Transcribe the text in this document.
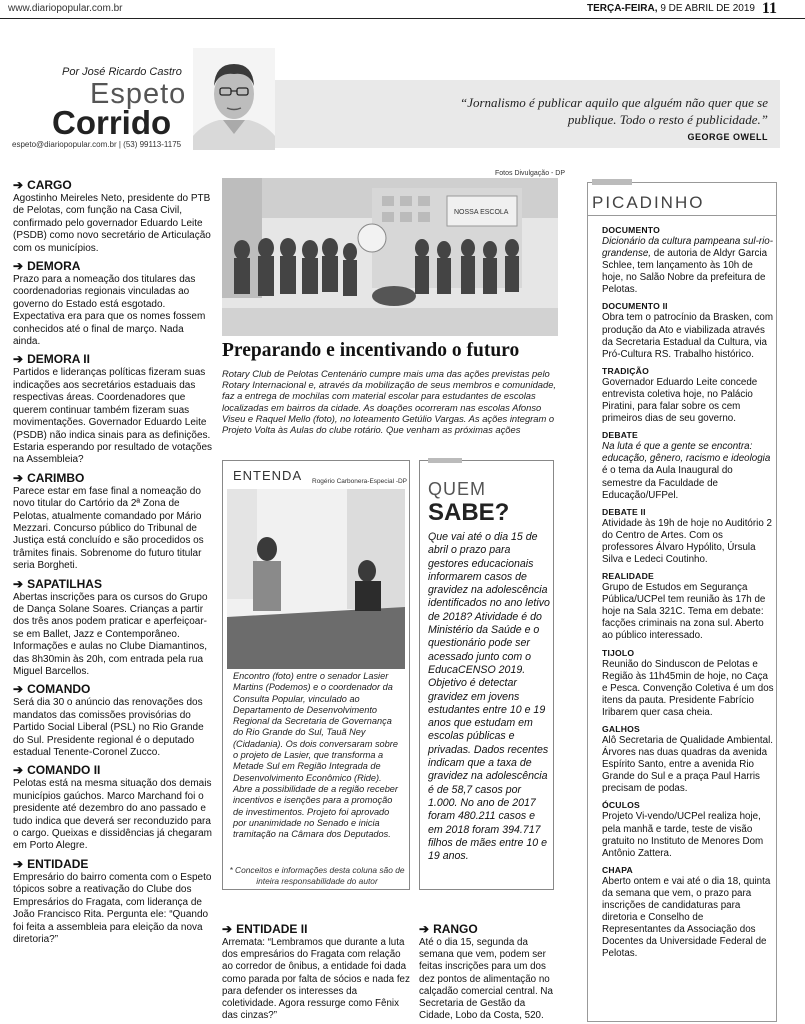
www.diariopopular.com.br	TERÇA-FEIRA, 9 DE ABRIL DE 2019 11
Por José Ricardo Castro
Espeto
Corrido
espeto@diariopopular.com.br | (53) 99113-1175
“Jornalismo é publicar aquilo que alguém não quer que se publique. Todo o resto é publicidade.”
GEORGE OWELL
➔ CARGO

Agostinho Meireles Neto, presidente do PTB de Pelotas, com função na Casa Civil, confirmado pelo governador Eduardo Leite (PSDB) como novo secretário de Articulação com os municípios.

➔ DEMORA

Prazo para a nomeação dos titulares das coordenadorias regionais vinculadas ao governo do Estado está esgotado. Expectativa era para que os nomes fossem conhecidos até o final de março. Nada ainda.

➔ DEMORA II

Partidos e lideranças políticas fizeram suas indicações aos secretários estaduais das respectivas áreas. Coordenadores que querem continuar também fizeram suas movimentações. Governador Eduardo Leite (PSDB) não indica sinais para as definições. Estaria esperando por resultado de votações na Assembleia?

➔ CARIMBO

Parece estar em fase final a nomeação do novo titular do Cartório da 2ª Zona de Pelotas, atualmente comandado por Mário Mezzari. Concurso público do Tribunal de Justiça está concluído e são procedidos os trâmites finais. Sobrenome do futuro titular seria Borgheti.

➔ SAPATILHAS

Abertas inscrições para os cursos do Grupo de Dança Solane Soares. Crianças a partir dos três anos podem praticar e aperfeiçoar-se em Ballet, Jazz e Contemporâneo. Informações e aulas no Clube Diamantinos, das 8h30min às 20h, com entrada pela rua Miguel Barcellos.

➔ COMANDO

Será dia 30 o anúncio das renovações dos mandatos das comissões provisórias do Partido Social Liberal (PSL) no Rio Grande do Sul. Presidente regional é o deputado estadual Tenente-Coronel Zucco.

➔ COMANDO II

Pelotas está na mesma situação dos demais municípios gaúchos. Marco Marchand foi o presidente até dezembro do ano passado e tudo indica que deverá ser reconduzido para o cargo. Queixas e dissidências já chegaram em Porto Alegre.

➔ ENTIDADE

Empresário do bairro comenta com o Espeto tópicos sobre a reativação do Clube dos Empresários do Fragata, com liderança de João Francisco Rita. Pergunta ele: “Quando foi feita a assembleia para eleição da nova diretoria?”

Fotos Divulgação - DP
NOSSA ESCOLA
Preparando e incentivando o futuro
Rotary Club de Pelotas Centenário cumpre mais uma das ações previstas pelo Rotary Internacional e, através da mobilização de seus membros e comunidade, faz a entrega de mochilas com material escolar para estudantes de escolas localizadas em bairros da cidade. As doações ocorreram nas escolas Afonso Viseu e Raquel Mello (foto), no loteamento Getúlio Vargas. As ações integram o Projeto Volta às Aulas do clube rotário. Que venham as próximas ações
ENTENDA Rogério Carbonera-Especial -DP
Encontro (foto) entre o senador Lasier Martins (Podemos) e o coordenador da Consulta Popular, vinculado ao Departamento de Desenvolvimento Regional da Secretaria de Governança do Rio Grande do Sul, Tauã Ney (Cidadania). Os dois conversaram sobre o projeto de Lasier, que transforma a Metade Sul em Região Integrada de Desenvolvimento Econômico (Ride). Abre a possibilidade de a região receber incentivos e isenções para a promoção de investimentos. Projeto foi aprovado por unanimidade no Senado e inicia tramitação na Câmara dos Deputados.
* Conceitos e informações desta coluna são de inteira responsabilidade do autor
QUEM
SABE?
Que vai até o dia 15 de abril o prazo para gestores educacionais informarem casos de gravidez na adolescência identificados no ano letivo de 2018? Atividade é do Ministério da Saúde e o questionário pode ser acessado junto com o EducaCENSO 2019. Objetivo é detectar gravidez em jovens estudantes entre 10 e 19 anos que estudam em escolas públicas e privadas. Dados recentes indicam que a taxa de gravidez na adolescência é de 58,7 casos por 1.000. No ano de 2017 foram 480.211 casos e em 2018 foram 394.717 filhos de mães entre 10 e 19 anos.
➔ ENTIDADE II

Arremata: “Lembramos que durante a luta dos empresários do Fragata com relação ao corredor de ônibus, a entidade foi dada como parada por falta de sócios e nada fez para defender os interesses da coletividade. Agora ressurge como Fênix das cinzas?”

➔ RANGO

Até o dia 15, segunda da semana que vem, podem ser feitas inscrições para um dos dez pontos de alimentação no calçadão comercial central. Na Secretaria de Gestão da Cidade, Lobo da Costa, 520.

PICADINHO
DOCUMENTO

Dicionário da cultura pampeana sul-rio-grandense, de autoria de Aldyr Garcia Schlee, tem lançamento às 10h de hoje, no Salão Nobre da prefeitura de Pelotas.

DOCUMENTO II

Obra tem o patrocínio da Brasken, com produção da Ato e viabilizada através da Secretaria Estadual da Cultura, via Pró-Cultura RS. Trabalho histórico.

TRADIÇÃO

Governador Eduardo Leite concede entrevista coletiva hoje, no Palácio Piratini, para falar sobre os cem primeiros dias de seu governo.

DEBATE

Na luta é que a gente se encontra: educação, gênero, racismo e ideologia é o tema da Aula Inaugural do semestre da Faculdade de Educação/UFPel.

DEBATE II

Atividade às 19h de hoje no Auditório 2 do Centro de Artes. Com os professores Álvaro Hypólito, Úrsula Silva e Ledeci Coutinho.

REALIDADE

Grupo de Estudos em Segurança Pública/UCPel tem reunião às 17h de hoje na Sala 321C. Tema em debate: facções criminais na zona sul. Aberto ao público interessado.

TIJOLO

Reunião do Sinduscon de Pelotas e Região às 11h45min de hoje, no Caça e Pesca. Convenção Coletiva é um dos itens da pauta. Presidente Fabrício Iribarem quer casa cheia.

GALHOS

Alô Secretaria de Qualidade Ambiental. Árvores nas duas quadras da avenida Espírito Santo, entre a avenida Rio Grande do Sul e a praça Paul Harris precisam de podas.

ÓCULOS

Projeto Vi-vendo/UCPel realiza hoje, pela manhã e tarde, teste de visão gratuito no Instituto de Menores Dom Antônio Zattera.

CHAPA

Aberto ontem e vai até o dia 18, quinta da semana que vem, o prazo para inscrições de candidaturas para diretoria e Conselho de Representantes da Associação dos Docentes da Universidade Federal de Pelotas.
